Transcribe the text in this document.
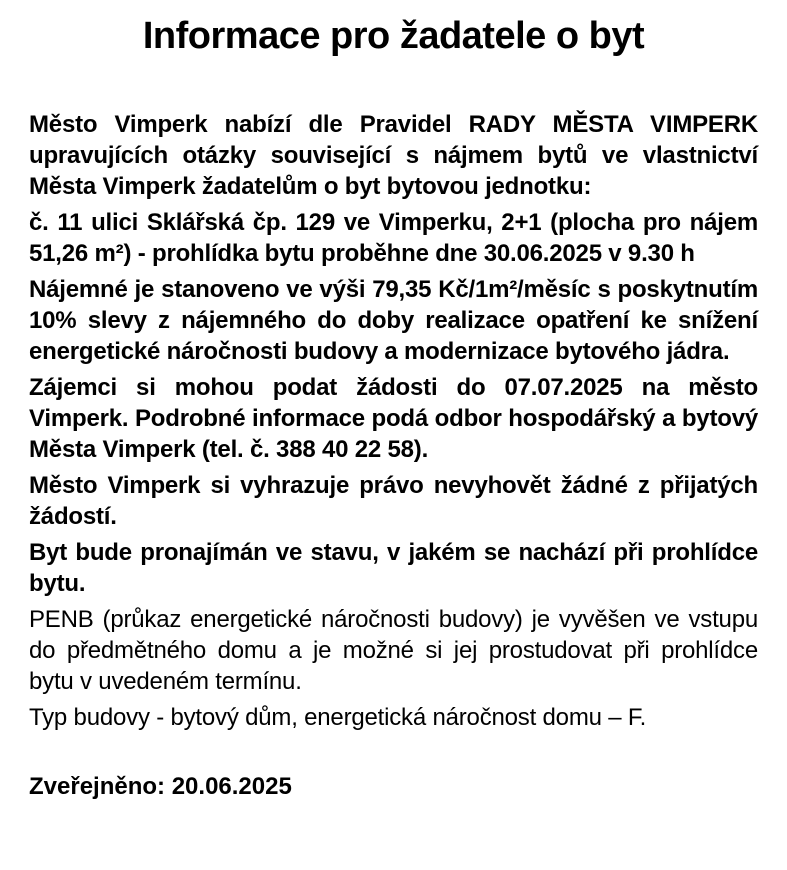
Informace pro žadatele o byt

Město Vimperk nabízí dle Pravidel RADY MĚSTA VIMPERK upravujících otázky související s nájmem bytů ve vlastnictví Města Vimperk žadatelům o byt bytovou jednotku:

č. 11 ulici Sklářská čp. 129 ve Vimperku, 2+1 (plocha pro nájem 51,26 m²) - prohlídka bytu proběhne dne 30.06.2025 v 9.30 h

Nájemné je stanoveno ve výši 79,35 Kč/1m²/měsíc s poskytnutím 10% slevy z nájemného do doby realizace opatření ke snížení energetické náročnosti budovy a modernizace bytového jádra.

Zájemci si mohou podat žádosti do 07.07.2025 na město Vimperk. Podrobné informace podá odbor hospodářský a bytový Města Vimperk (tel. č. 388 40 22 58).

Město Vimperk si vyhrazuje právo nevyhovět žádné z přijatých žádostí.

Byt bude pronajímán ve stavu, v jakém se nachází při prohlídce bytu.

PENB (průkaz energetické náročnosti budovy) je vyvěšen ve vstupu do předmětného domu a je možné si jej prostudovat při prohlídce bytu v uvedeném termínu.

Typ budovy - bytový dům, energetická náročnost domu – F.

Zveřejněno: 20.06.2025
